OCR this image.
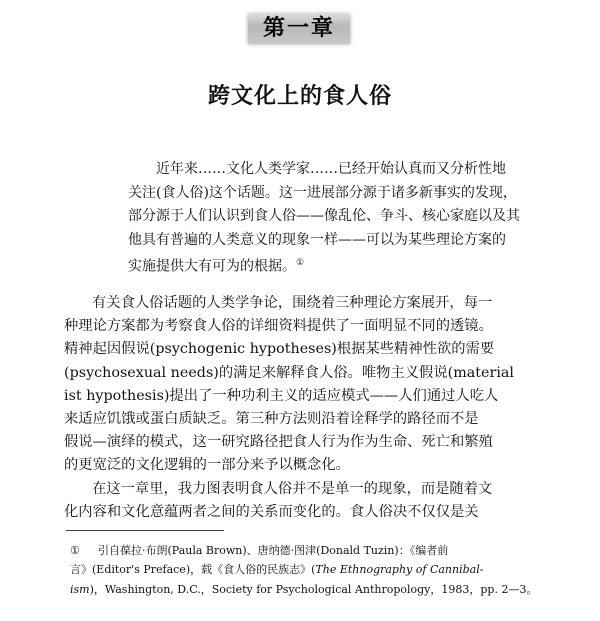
第一章
跨文化上的食人俗
近年来……文化人类学家……已经开始认真而又分析性地
关注(食人俗)这个话题。这一进展部分源于诸多新事实的发现，
部分源于人们认识到食人俗——像乱伦、争斗、核心家庭以及其
他具有普遍的人类意义的现象一样——可以为某些理论方案的
实施提供大有可为的根据。①
有关食人俗话题的人类学争论，围绕着三种理论方案展开，每一
种理论方案都为考察食人俗的详细资料提供了一面明显不同的透镜。
精神起因假说(psychogenic hypotheses)根据某些精神性欲的需要
(psychosexual needs)的满足来解释食人俗。唯物主义假说(material
ist hypothesis)提出了一种功利主义的适应模式——人们通过人吃人
来适应饥饿或蛋白质缺乏。第三种方法则沿着诠释学的路径而不是
假说—演绎的模式，这一研究路径把食人行为作为生命、死亡和繁殖
的更宽泛的文化逻辑的一部分来予以概念化。
在这一章里，我力图表明食人俗并不是单一的现象，而是随着文
化内容和文化意蕴两者之间的关系而变化的。食人俗决不仅仅是关
① 引自葆拉·布朗(Paula Brown)、唐纳德·图津(Donald Tuzin)：《编者前
言》(Editor's Preface)，载《食人俗的民族志》(The Ethnography of Cannibal-
ism)，Washington, D.C.，Society for Psychological Anthropology，1983，pp. 2—3。
